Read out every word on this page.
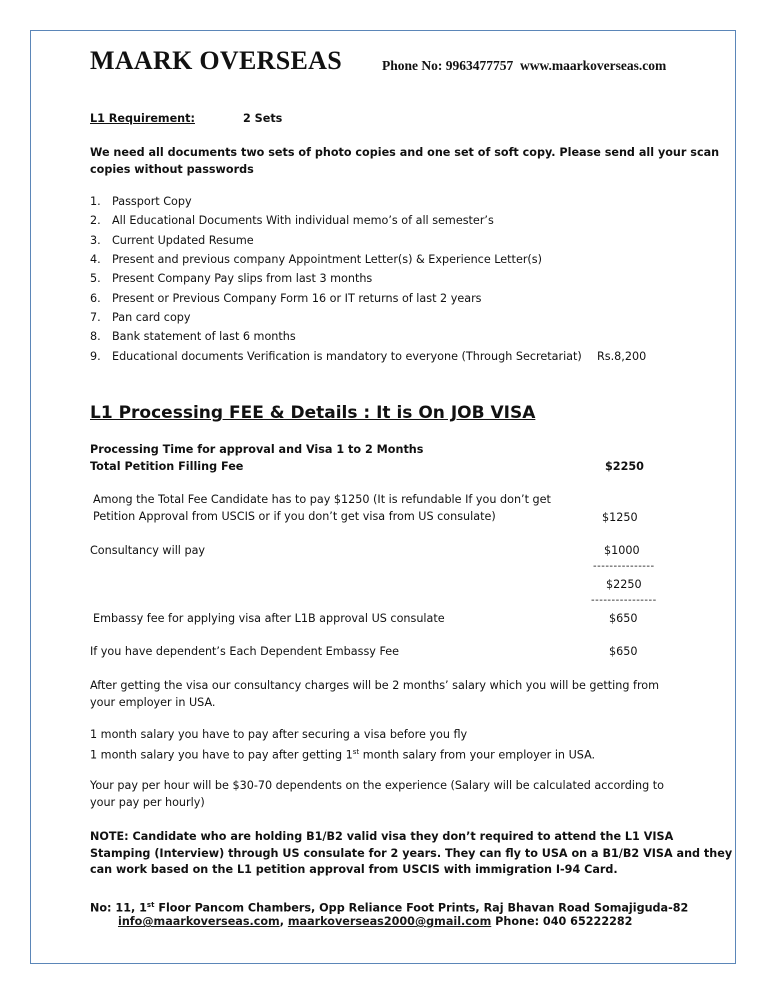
MAARK OVERSEAS	Phone No: 9963477757 www.maarkoverseas.com
L1 Requirement:	2 Sets
We need all documents two sets of photo copies and one set of soft copy. Please send all your scan
copies without passwords
1. Passport Copy
2. All Educational Documents With individual memo’s of all semester’s
3. Current Updated Resume
4. Present and previous company Appointment Letter(s) & Experience Letter(s)
5. Present Company Pay slips from last 3 months
6. Present or Previous Company Form 16 or IT returns of last 2 years
7. Pan card copy
8. Bank statement of last 6 months
9. Educational documents Verification is mandatory to everyone (Through Secretariat) Rs.8,200
L1 Processing FEE & Details : It is On JOB VISA
Processing Time for approval and Visa 1 to 2 Months
Total Petition Filling Fee	$2250
Among the Total Fee Candidate has to pay $1250 (It is refundable If you don’t get
Petition Approval from USCIS or if you don’t get visa from US consulate)	$1250
Consultancy will pay	$1000
---------------
$2250
----------------
Embassy fee for applying visa after L1B approval US consulate	$650
If you have dependent’s Each Dependent Embassy Fee	$650
After getting the visa our consultancy charges will be 2 months’ salary which you will be getting from
your employer in USA.
1 month salary you have to pay after securing a visa before you fly
1 month salary you have to pay after getting 1st month salary from your employer in USA.
Your pay per hour will be $30-70 dependents on the experience (Salary will be calculated according to
your pay per hourly)
NOTE: Candidate who are holding B1/B2 valid visa they don’t required to attend the L1 VISA
Stamping (Interview) through US consulate for 2 years. They can fly to USA on a B1/B2 VISA and they
can work based on the L1 petition approval from USCIS with immigration I-94 Card.
No: 11, 1st Floor Pancom Chambers, Opp Reliance Foot Prints, Raj Bhavan Road Somajiguda-82
info@maarkoverseas.com, maarkoverseas2000@gmail.com Phone: 040 65222282
